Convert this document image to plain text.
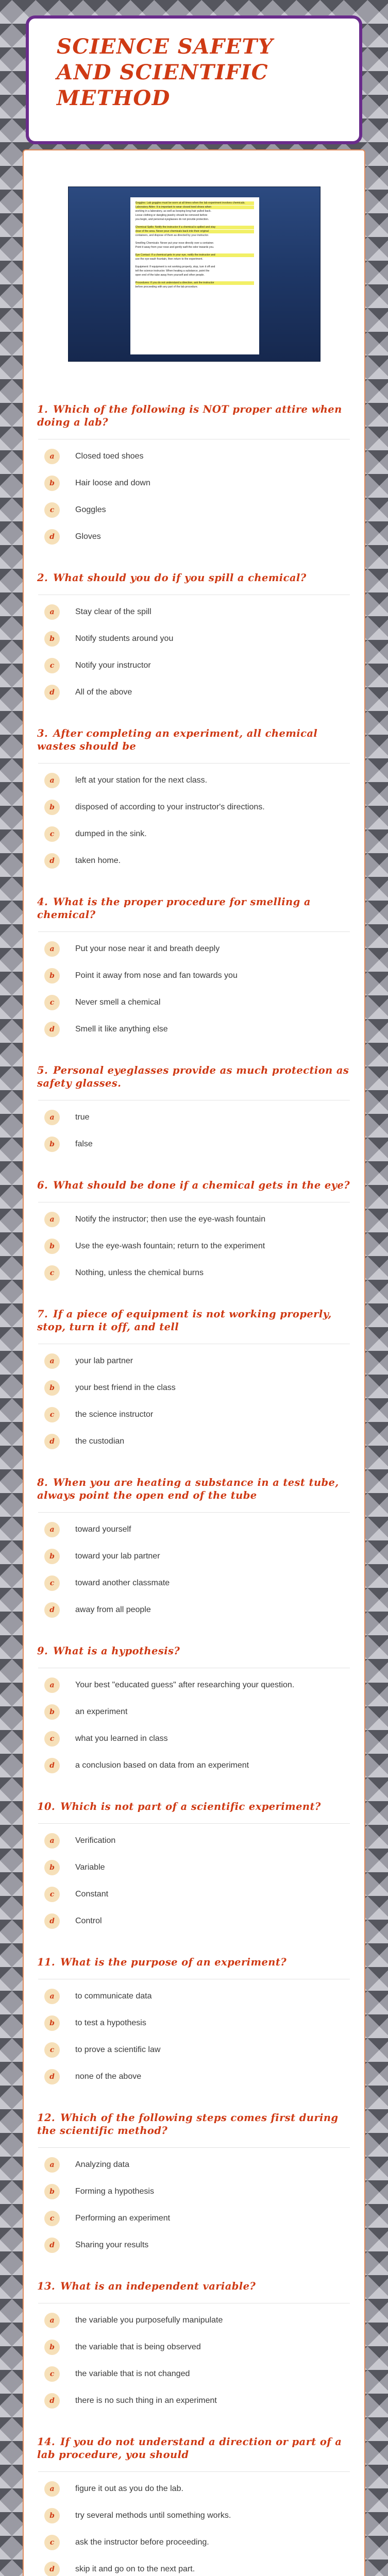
SCIENCE SAFETY AND SCIENTIFIC METHOD
Goggles: Lab goggles must be worn at all times when the lab experiment involves chemicals.
Laboratory Attire: It is important to wear closed toed shoes when
working in a laboratory, as well as keeping long hair pulled back.
Loose clothing or dangling jewelry should be removed before
you begin, and personal eyeglasses do not provide protection.
Chemical Spills: Notify the instructor if a chemical is spilled and stay
clear of the area. Never pour chemicals back into their original
containers, and dispose of them as directed by your instructor.
Smelling Chemicals: Never put your nose directly over a container.
Point it away from your nose and gently waft the odor towards you.
Eye Contact: If a chemical gets in your eye, notify the instructor and
use the eye-wash fountain, then return to the experiment.
Equipment: If equipment is not working properly, stop, turn it off and
tell the science instructor. When heating a substance, point the
open end of the tube away from yourself and other people.
Procedures: If you do not understand a direction, ask the instructor
before proceeding with any part of the lab procedure.
1. Which of the following is NOT proper attire when doing a lab?
a	Closed toed shoes
b	Hair loose and down
c	Goggles
d	Gloves
2. What should you do if you spill a chemical?
a	Stay clear of the spill
b	Notify students around you
c	Notify your instructor
d	All of the above
3. After completing an experiment, all chemical wastes should be
a	left at your station for the next class.
b	disposed of according to your instructor's directions.
c	dumped in the sink.
d	taken home.
4. What is the proper procedure for smelling a chemical?
a	Put your nose near it and breath deeply
b	Point it away from nose and fan towards you
c	Never smell a chemical
d	Smell it like anything else
5. Personal eyeglasses provide as much protection as safety glasses.
a	true
b	false
6. What should be done if a chemical gets in the eye?
a	Notify the instructor; then use the eye-wash fountain
b	Use the eye-wash fountain; return to the experiment
c	Nothing, unless the chemical burns
7. If a piece of equipment is not working properly, stop, turn it off, and tell
a	your lab partner
b	your best friend in the class
c	the science instructor
d	the custodian
8. When you are heating a substance in a test tube, always point the open end of the tube
a	toward yourself
b	toward your lab partner
c	toward another classmate
d	away from all people
9. What is a hypothesis?
a	Your best "educated guess" after researching your question.
b	an experiment
c	what you learned in class
d	a conclusion based on data from an experiment
10. Which is not part of a scientific experiment?
a	Verification
b	Variable
c	Constant
d	Control
11. What is the purpose of an experiment?
a	to communicate data
b	to test a hypothesis
c	to prove a scientific law
d	none of the above
12. Which of the following steps comes first during the scientific method?
a	Analyzing data
b	Forming a hypothesis
c	Performing an experiment
d	Sharing your results
13. What is an independent variable?
a	the variable you purposefully manipulate
b	the variable that is being observed
c	the variable that is not changed
d	there is no such thing in an experiment
14. If you do not understand a direction or part of a lab procedure, you should
a	figure it out as you do the lab.
b	try several methods until something works.
c	ask the instructor before proceeding.
d	skip it and go on to the next part.
